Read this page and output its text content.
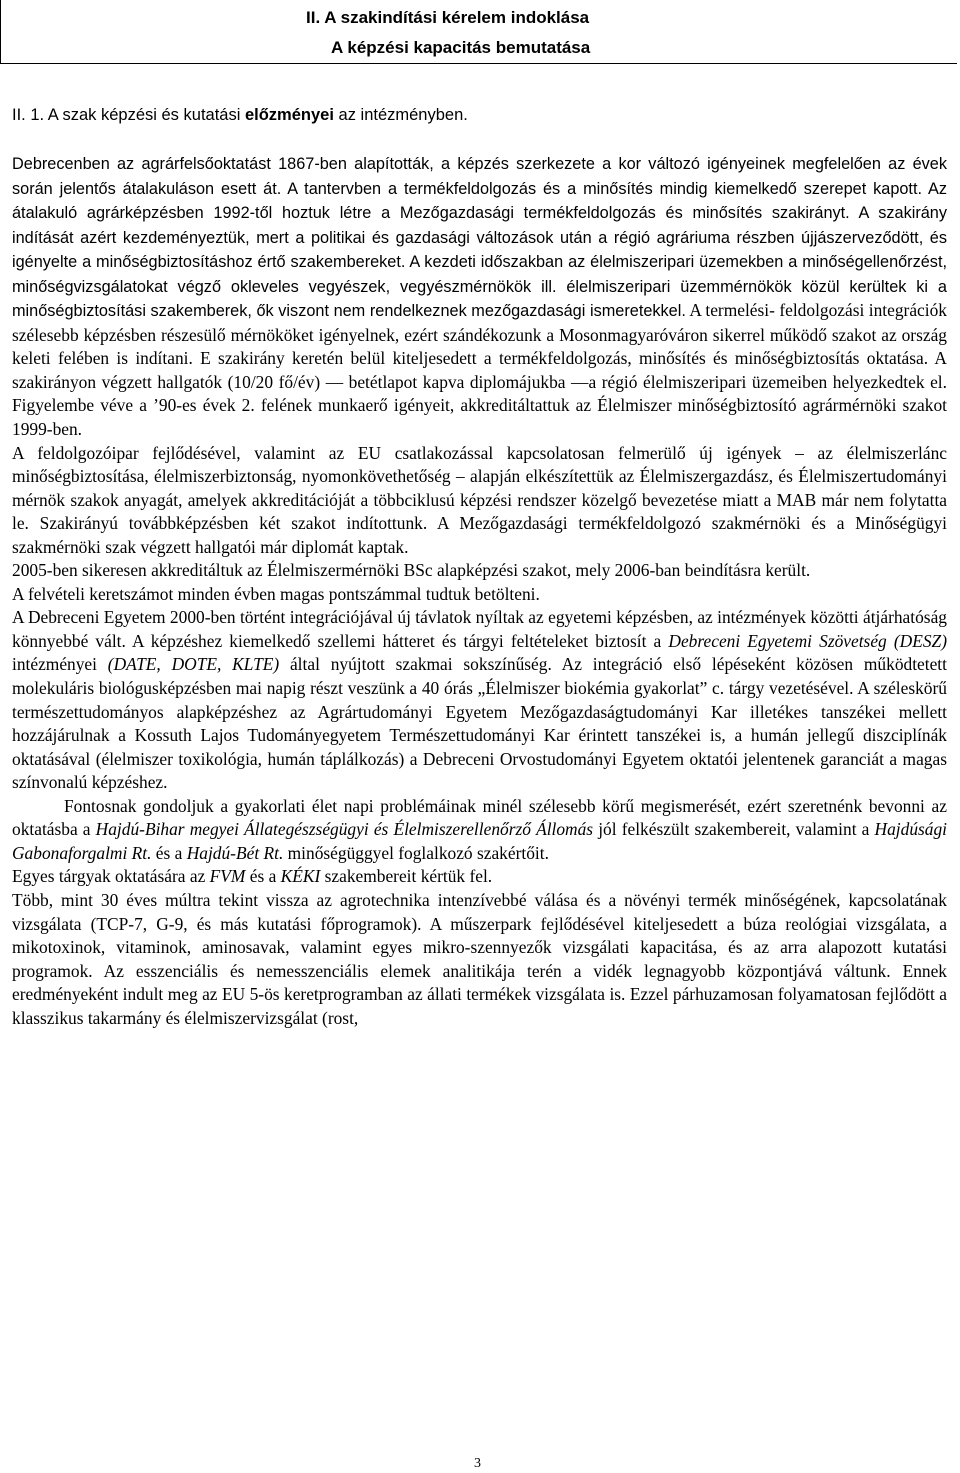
II. A szakindítási kérelem indoklása
A képzési kapacitás bemutatása
II. 1. A szak képzési és kutatási előzményei az intézményben.

Debrecenben az agrárfelsőoktatást 1867-ben alapították, a képzés szerkezete a kor változó igényeinek megfelelően az évek során jelentős átalakuláson esett át. A tantervben a termékfeldolgozás és a minősítés mindig kiemelkedő szerepet kapott. Az átalakuló agrárképzésben 1992-től hoztuk létre a Mezőgazdasági termékfeldolgozás és minősítés szakirányt. A szakirány indítását azért kezdeményeztük, mert a politikai és gazdasági változások után a régió agráriuma részben újjászerveződött, és igényelte a minőségbiztosításhoz értő szakembereket. A kezdeti időszakban az élelmiszeripari üzemekben a minőségellenőrzést, minőségvizsgálatokat végző okleveles vegyészek, vegyészmérnökök ill. élelmiszeripari üzemmérnökök közül kerültek ki a minőségbiztosítási szakemberek, ők viszont nem rendelkeznek mezőgazdasági ismeretekkel. A termelési- feldolgozási integrációk szélesebb képzésben részesülő mérnököket igényelnek, ezért szándékozunk a Mosonmagyaróváron sikerrel működő szakot az ország keleti felében is indítani. E szakirány keretén belül kiteljesedett a termékfeldolgozás, minősítés és minőségbiztosítás oktatása. A szakirányon végzett hallgatók (10/20 fő/év) — betétlapot kapva diplomájukba —a régió élelmiszeripari üzemeiben helyezkedtek el. Figyelembe véve a ’90-es évek 2. felének munkaerő igényeit, akkreditáltattuk az Élelmiszer minőségbiztosító agrármérnöki szakot 1999-ben.

A feldolgozóipar fejlődésével, valamint az EU csatlakozással kapcsolatosan felmerülő új igények – az élelmiszerlánc minőségbiztosítása, élelmiszerbiztonság, nyomonkövethetőség – alapján elkészítettük az Élelmiszergazdász, és Élelmiszertudományi mérnök szakok anyagát, amelyek akkreditációját a többciklusú képzési rendszer közelgő bevezetése miatt a MAB már nem folytatta le. Szakirányú továbbképzésben két szakot indítottunk. A Mezőgazdasági termékfeldolgozó szakmérnöki és a Minőségügyi szakmérnöki szak végzett hallgatói már diplomát kaptak.

2005-ben sikeresen akkreditáltuk az Élelmiszermérnöki BSc alapképzési szakot, mely 2006-ban beindításra került.

A felvételi keretszámot minden évben magas pontszámmal tudtuk betölteni.

A Debreceni Egyetem 2000-ben történt integrációjával új távlatok nyíltak az egyetemi képzésben, az intézmények közötti átjárhatóság könnyebbé vált. A képzéshez kiemelkedő szellemi hátteret és tárgyi feltételeket biztosít a Debreceni Egyetemi Szövetség (DESZ) intézményei (DATE, DOTE, KLTE) által nyújtott szakmai sokszínűség. Az integráció első lépéseként közösen működtetett molekuláris biológusképzésben mai napig részt veszünk a 40 órás „Élelmiszer biokémia gyakorlat” c. tárgy vezetésével. A széleskörű természettudományos alapképzéshez az Agrártudományi Egyetem Mezőgazdaságtudományi Kar illetékes tanszékei mellett hozzájárulnak a Kossuth Lajos Tudományegyetem Természettudományi Kar érintett tanszékei is, a humán jellegű diszciplínák oktatásával (élelmiszer toxikológia, humán táplálkozás) a Debreceni Orvostudományi Egyetem oktatói jelentenek garanciát a magas színvonalú képzéshez.

Fontosnak gondoljuk a gyakorlati élet napi problémáinak minél szélesebb körű megismerését, ezért szeretnénk bevonni az oktatásba a Hajdú-Bihar megyei Állategészségügyi és Élelmiszerellenőrző Állomás jól felkészült szakembereit, valamint a Hajdúsági Gabonaforgalmi Rt. és a Hajdú-Bét Rt. minőségüggyel foglalkozó szakértőit.

Egyes tárgyak oktatására az FVM és a KÉKI szakembereit kértük fel.

Több, mint 30 éves múltra tekint vissza az agrotechnika intenzívebbé válása és a növényi termék minőségének, kapcsolatának vizsgálata (TCP-7, G-9, és más kutatási főprogramok). A műszerpark fejlődésével kiteljesedett a búza reológiai vizsgálata, a mikotoxinok, vitaminok, aminosavak, valamint egyes mikro-szennyezők vizsgálati kapacitása, és az arra alapozott kutatási programok. Az esszenciális és nemesszenciális elemek analitikája terén a vidék legnagyobb központjává váltunk. Ennek eredményeként indult meg az EU 5-ös keretprogramban az állati termékek vizsgálata is. Ezzel párhuzamosan folyamatosan fejlődött a klasszikus takarmány és élelmiszervizsgálat (rost,

3
